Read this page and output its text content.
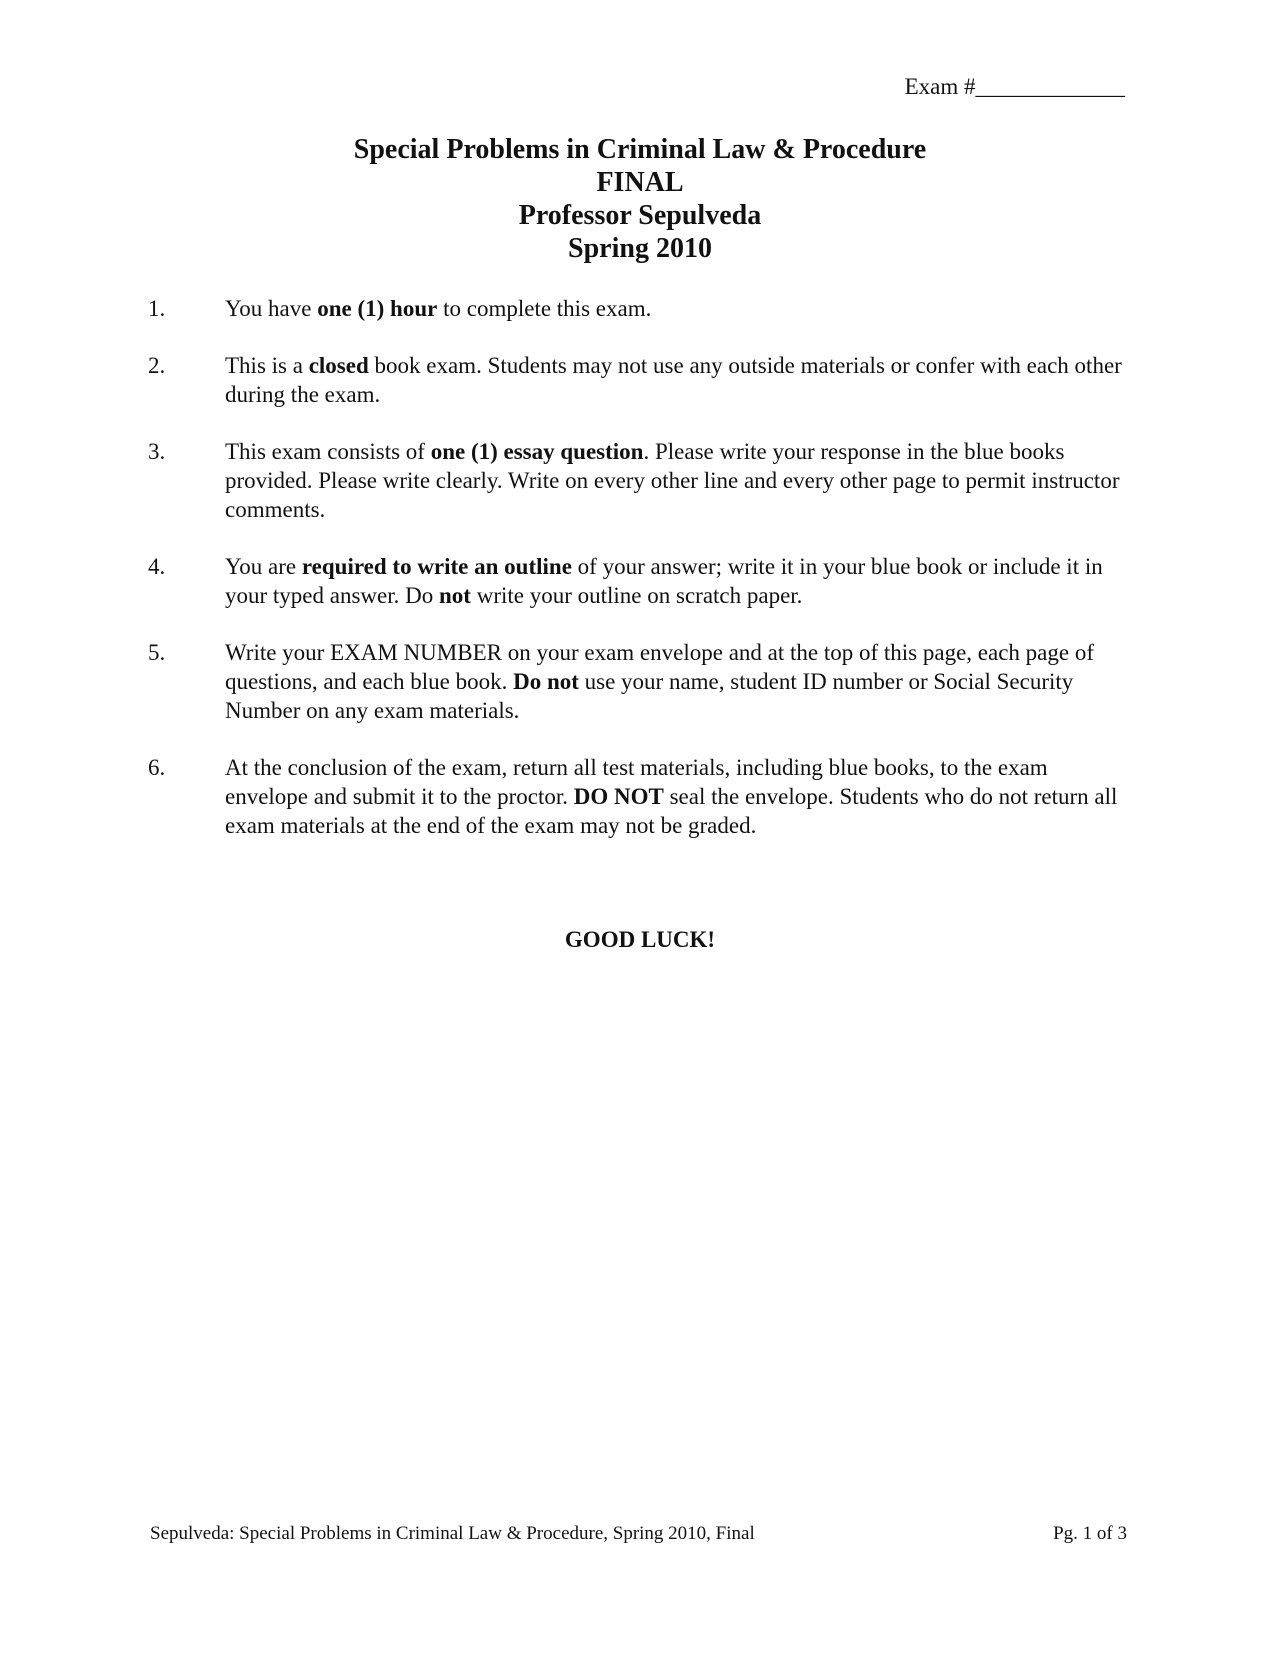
Exam #_____________
Special Problems in Criminal Law & Procedure
FINAL
Professor Sepulveda
Spring 2010
1.	You have one (1) hour to complete this exam.
2.	This is a closed book exam. Students may not use any outside materials or confer with each other during the exam.
3.	This exam consists of one (1) essay question. Please write your response in the blue books provided. Please write clearly. Write on every other line and every other page to permit instructor comments.
4.	You are required to write an outline of your answer; write it in your blue book or include it in your typed answer. Do not write your outline on scratch paper.
5.	Write your EXAM NUMBER on your exam envelope and at the top of this page, each page of questions, and each blue book. Do not use your name, student ID number or Social Security Number on any exam materials.
6.	At the conclusion of the exam, return all test materials, including blue books, to the exam envelope and submit it to the proctor. DO NOT seal the envelope. Students who do not return all exam materials at the end of the exam may not be graded.
GOOD LUCK!
Sepulveda: Special Problems in Criminal Law & Procedure, Spring 2010, Final	Pg. 1 of 3
